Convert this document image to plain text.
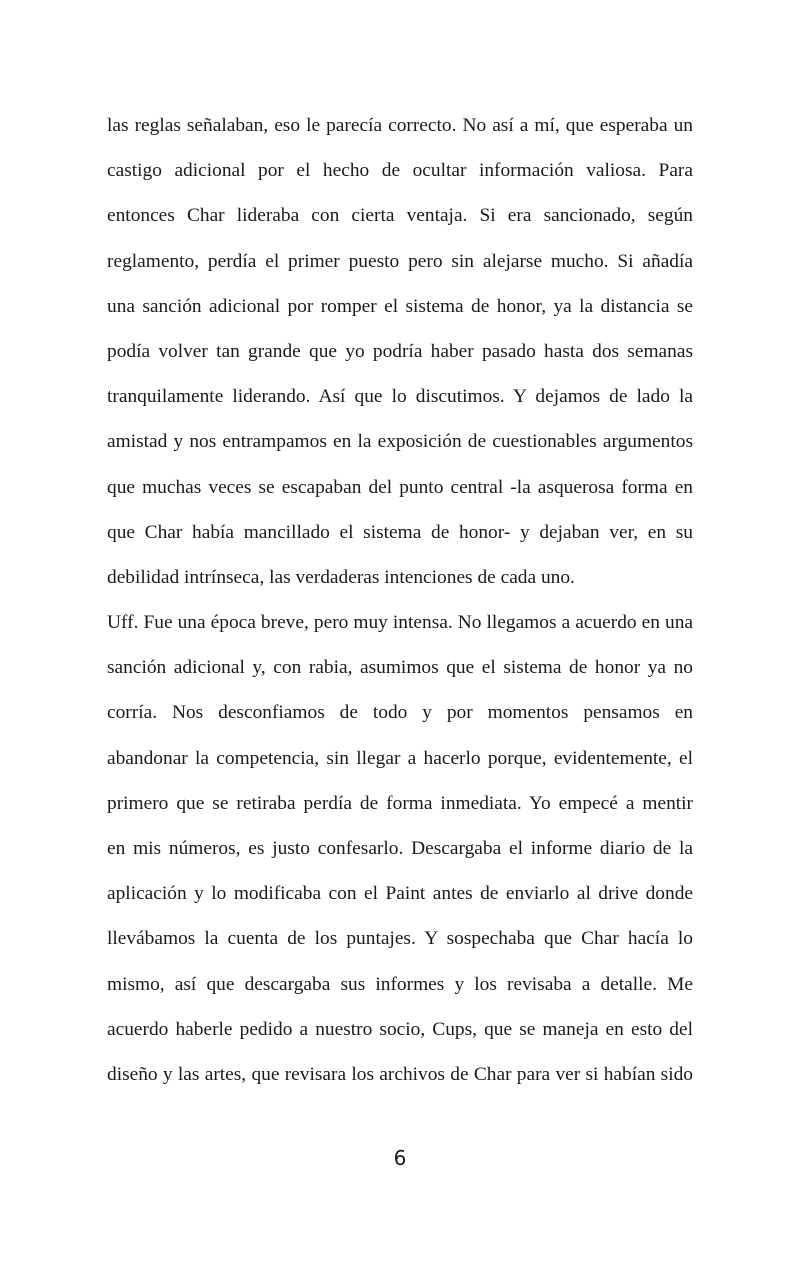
las reglas señalaban, eso le parecía correcto. No así a mí, que esperaba un
castigo adicional por el hecho de ocultar información valiosa. Para
entonces Char lideraba con cierta ventaja. Si era sancionado, según
reglamento, perdía el primer puesto pero sin alejarse mucho. Si añadía
una sanción adicional por romper el sistema de honor, ya la distancia se
podía volver tan grande que yo podría haber pasado hasta dos semanas
tranquilamente liderando. Así que lo discutimos. Y dejamos de lado la
amistad y nos entrampamos en la exposición de cuestionables argumentos
que muchas veces se escapaban del punto central -la asquerosa forma en
que Char había mancillado el sistema de honor- y dejaban ver, en su
debilidad intrínseca, las verdaderas intenciones de cada uno.
Uff. Fue una época breve, pero muy intensa. No llegamos a acuerdo en una
sanción adicional y, con rabia, asumimos que el sistema de honor ya no
corría. Nos desconfiamos de todo y por momentos pensamos en
abandonar la competencia, sin llegar a hacerlo porque, evidentemente, el
primero que se retiraba perdía de forma inmediata. Yo empecé a mentir
en mis números, es justo confesarlo. Descargaba el informe diario de la
aplicación y lo modificaba con el Paint antes de enviarlo al drive donde
llevábamos la cuenta de los puntajes. Y sospechaba que Char hacía lo
mismo, así que descargaba sus informes y los revisaba a detalle. Me
acuerdo haberle pedido a nuestro socio, Cups, que se maneja en esto del
diseño y las artes, que revisara los archivos de Char para ver si habían sido
6
